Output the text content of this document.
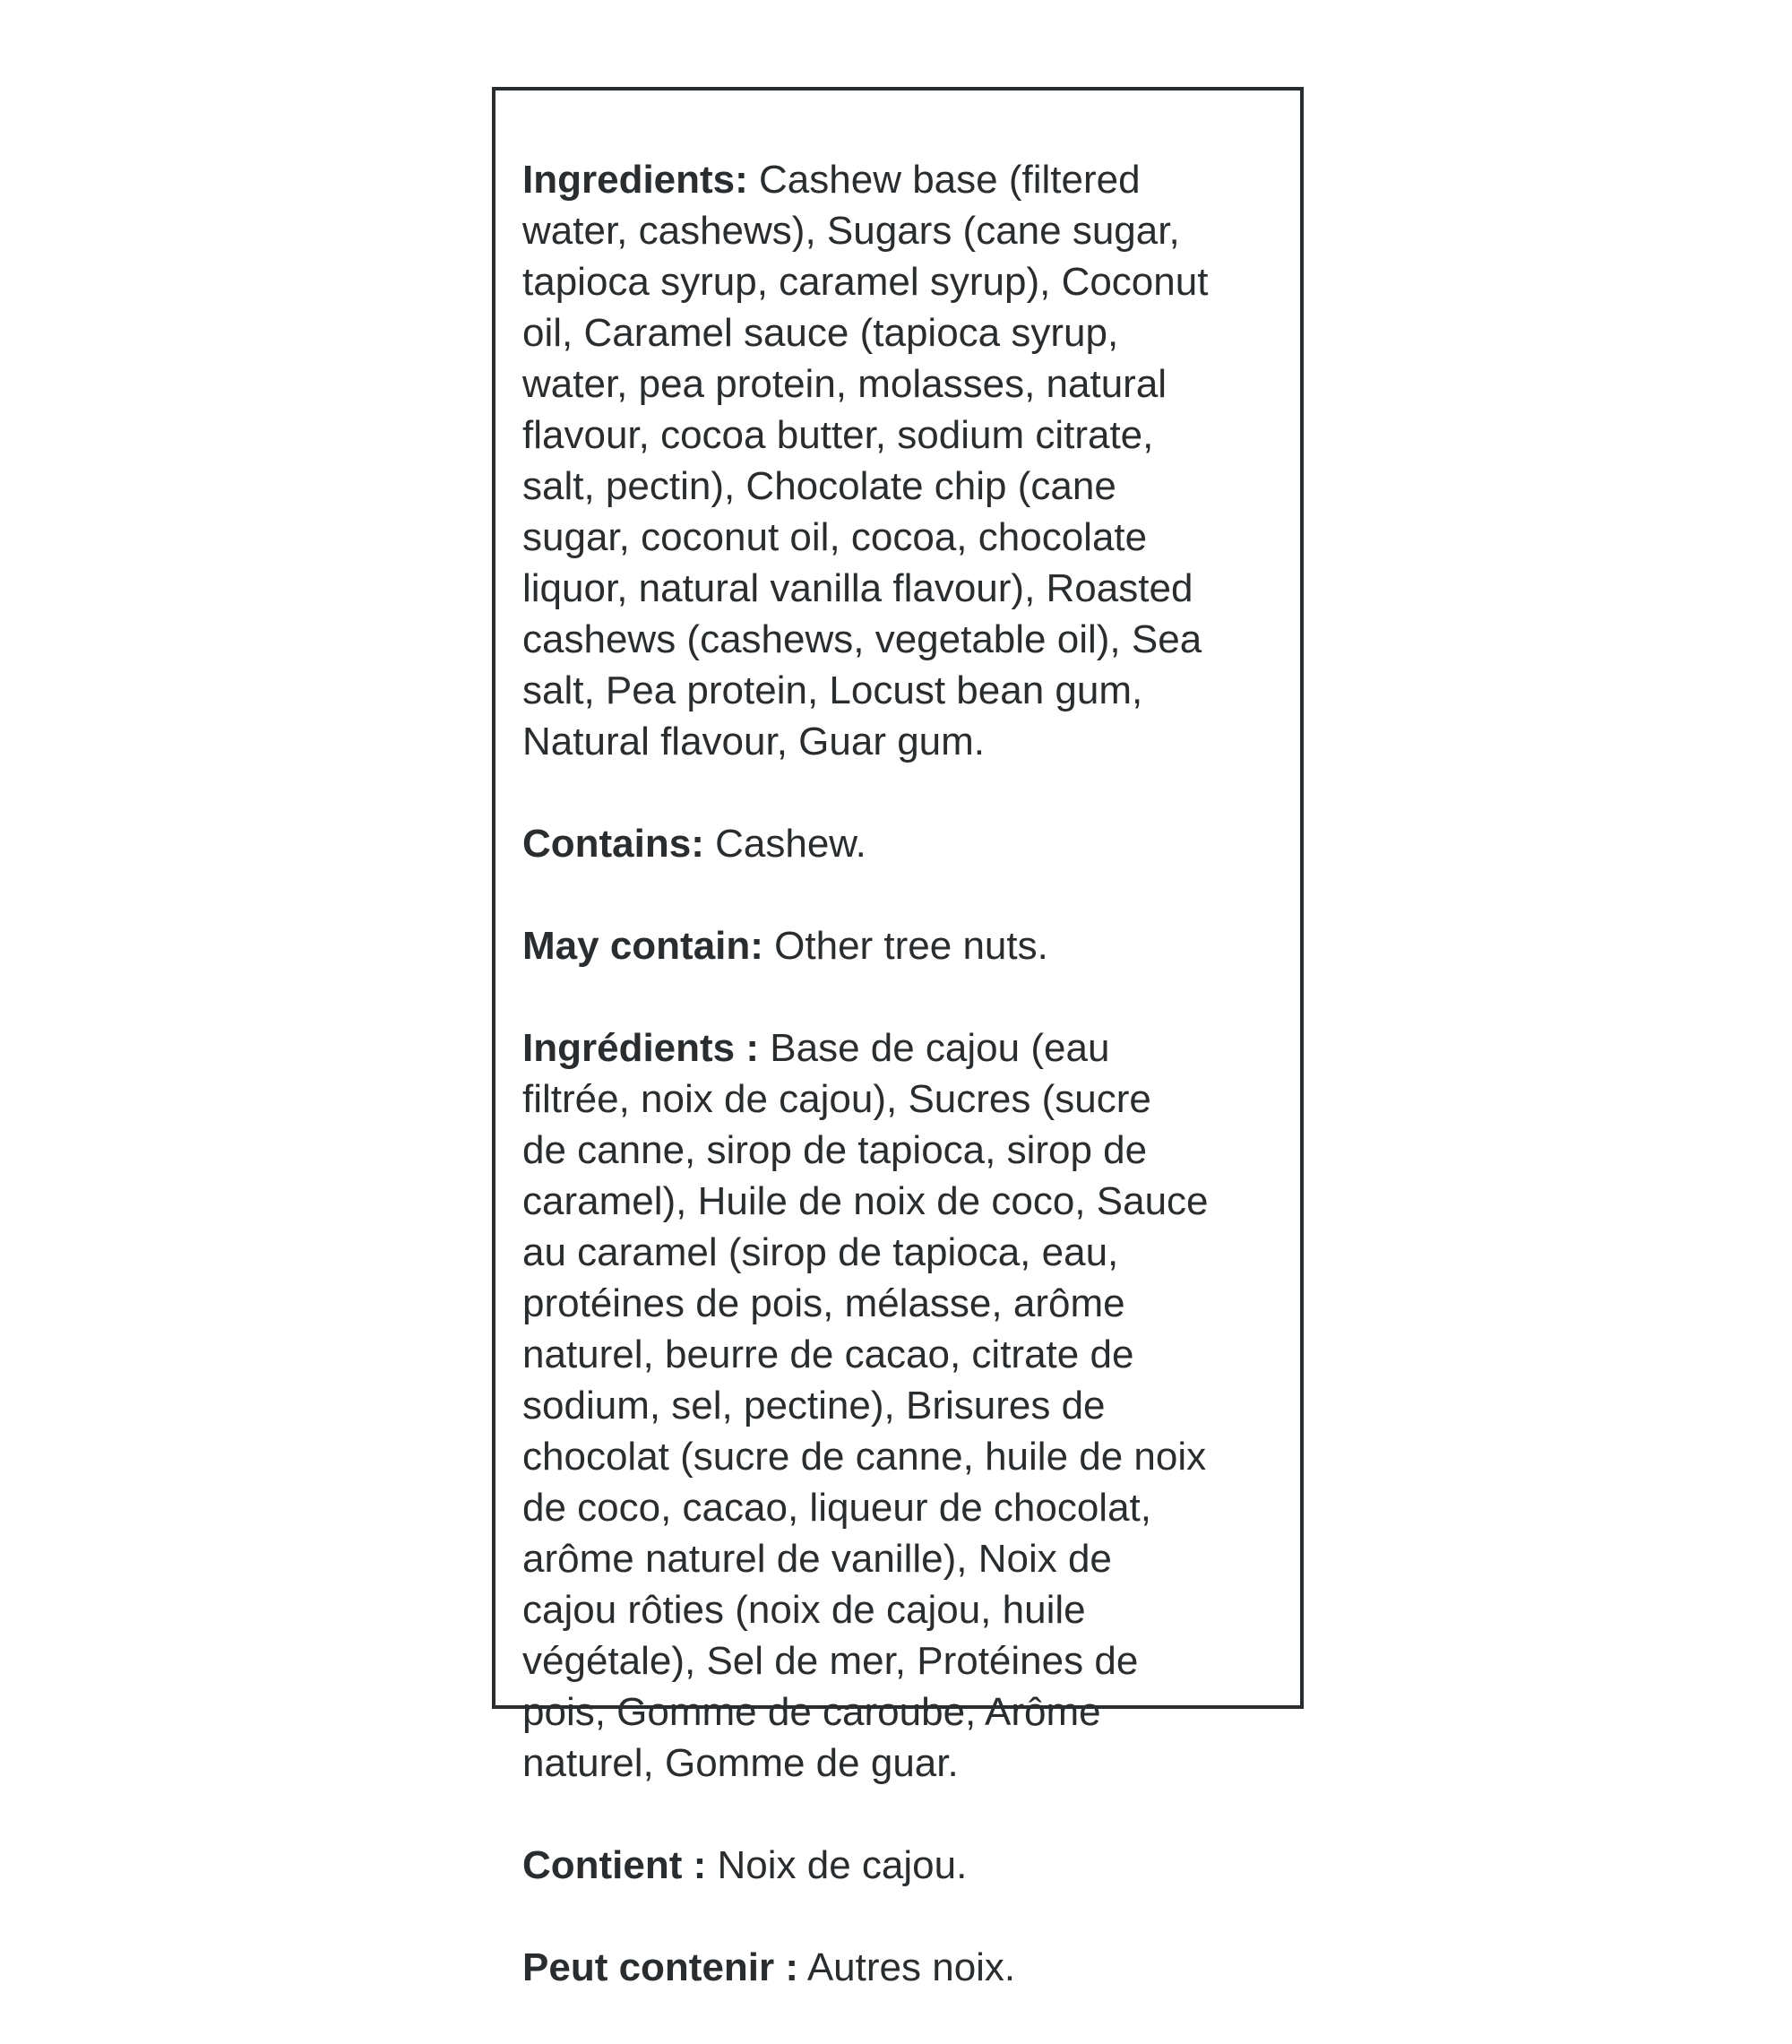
Ingredients: Cashew base (filtered
water, cashews), Sugars (cane sugar,
tapioca syrup, caramel syrup), Coconut
oil, Caramel sauce (tapioca syrup,
water, pea protein, molasses, natural
flavour, cocoa butter, sodium citrate,
salt, pectin), Chocolate chip (cane
sugar, coconut oil, cocoa, chocolate
liquor, natural vanilla flavour), Roasted
cashews (cashews, vegetable oil), Sea
salt, Pea protein, Locust bean gum,
Natural flavour, Guar gum.

Contains: Cashew.

May contain: Other tree nuts.

Ingrédients : Base de cajou (eau
filtrée, noix de cajou), Sucres (sucre
de canne, sirop de tapioca, sirop de
caramel), Huile de noix de coco, Sauce
au caramel (sirop de tapioca, eau,
protéines de pois, mélasse, arôme
naturel, beurre de cacao, citrate de
sodium, sel, pectine), Brisures de
chocolat (sucre de canne, huile de noix
de coco, cacao, liqueur de chocolat,
arôme naturel de vanille), Noix de
cajou rôties (noix de cajou, huile
végétale), Sel de mer, Protéines de
pois, Gomme de caroube, Arôme
naturel, Gomme de guar.

Contient : Noix de cajou.

Peut contenir : Autres noix.
